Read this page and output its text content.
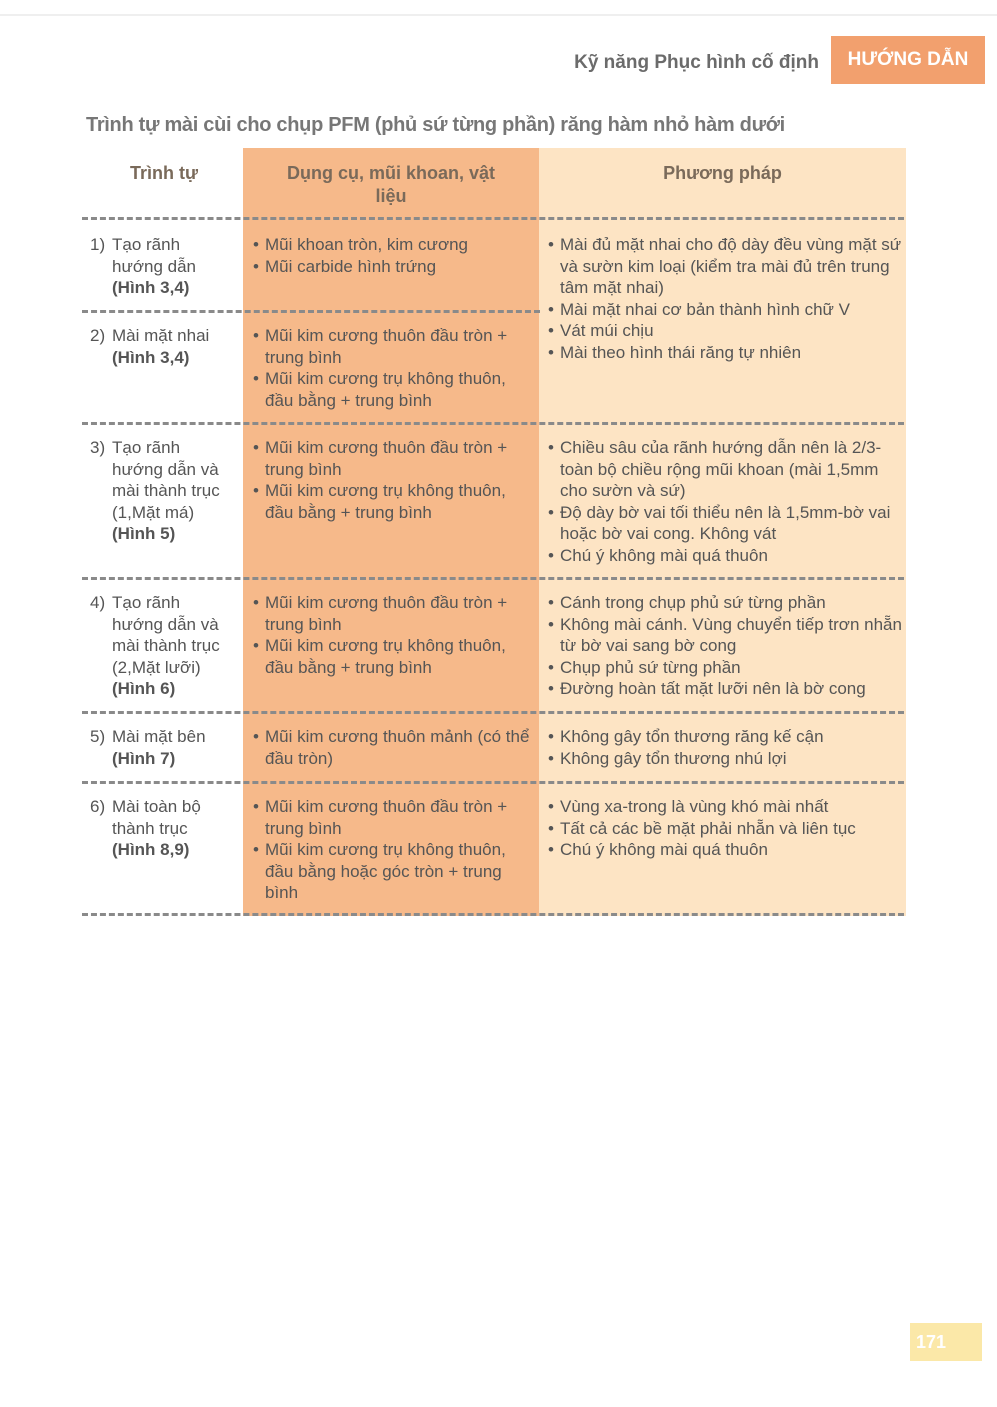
Kỹ năng Phục hình cố định	HƯỚNG DẪN
Trình tự mài cùi cho chụp PFM (phủ sứ từng phần) răng hàm nhỏ hàm dưới
Trình tự	Dụng cụ, mũi khoan, vật liệu
Phương pháp
1) Tạo rãnh
hướng dẫn
(Hình 3,4)
• Mũi khoan tròn, kim cương
• Mũi carbide hình trứng
• Mài đủ mặt nhai cho độ dày đều vùng mặt sứ và sườn kim loại (kiểm tra mài đủ trên trung tâm mặt nhai)
• Mài mặt nhai cơ bản thành hình chữ V
• Vát múi chịu
• Mài theo hình thái răng tự nhiên
2) Mài mặt nhai
(Hình 3,4)
• Mũi kim cương thuôn đầu tròn + trung bình
• Mũi kim cương trụ không thuôn, đầu bằng + trung bình
3) Tạo rãnh
hướng dẫn và
mài thành trục
(1,Mặt má)
(Hình 5)
• Mũi kim cương thuôn đầu tròn + trung bình
• Mũi kim cương trụ không thuôn, đầu bằng + trung bình
• Chiều sâu của rãnh hướng dẫn nên là 2/3-toàn bộ chiều rộng mũi khoan (mài 1,5mm cho sườn và sứ)
• Độ dày bờ vai tối thiểu nên là 1,5mm-bờ vai hoặc bờ vai cong. Không vát
• Chú ý không mài quá thuôn
4) Tạo rãnh
hướng dẫn và
mài thành trục
(2,Mặt lưỡi)
(Hình 6)
• Mũi kim cương thuôn đầu tròn + trung bình
• Mũi kim cương trụ không thuôn, đầu bằng + trung bình
• Cánh trong chụp phủ sứ từng phần
• Không mài cánh. Vùng chuyển tiếp trơn nhẵn từ bờ vai sang bờ cong
• Chụp phủ sứ từng phần
• Đường hoàn tất mặt lưỡi nên là bờ cong
5) Mài mặt bên
(Hình 7)
• Mũi kim cương thuôn mảnh (có thể đầu tròn)
• Không gây tổn thương răng kế cận
• Không gây tổn thương nhú lợi
6) Mài toàn bộ
thành trục
(Hình 8,9)
• Mũi kim cương thuôn đầu tròn + trung bình
• Mũi kim cương trụ không thuôn, đầu bằng hoặc góc tròn + trung bình
• Vùng xa-trong là vùng khó mài nhất
• Tất cả các bề mặt phải nhẵn và liên tục
• Chú ý không mài quá thuôn
171
